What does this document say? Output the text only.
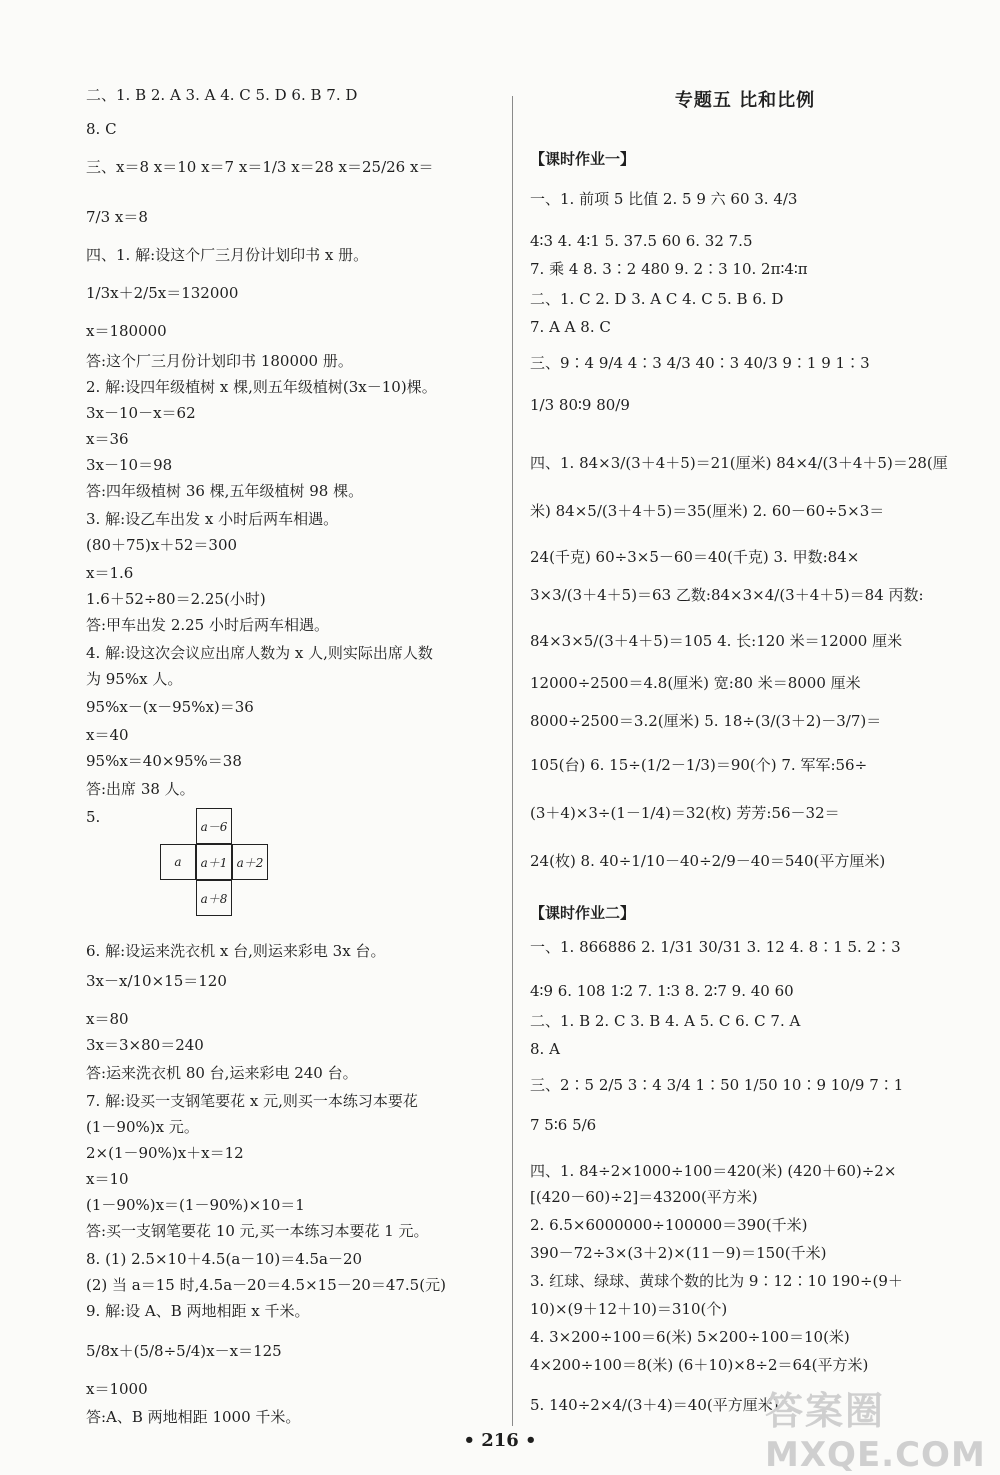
二、1. B 2. A 3. A 4. C 5. D 6. B 7. D
8. C
三、x＝8 x＝10 x＝7 x＝1/3 x＝28 x＝25/26 x＝
7/3 x＝8
四、1. 解:设这个厂三月份计划印书 x 册。
1/3x＋2/5x＝132000
x＝180000
答:这个厂三月份计划印书 180000 册。
2. 解:设四年级植树 x 棵,则五年级植树(3x－10)棵。
3x－10－x＝62
x＝36
3x－10＝98
答:四年级植树 36 棵,五年级植树 98 棵。
3. 解:设乙车出发 x 小时后两车相遇。
(80＋75)x＋52＝300
x＝1.6
1.6＋52÷80＝2.25(小时)
答:甲车出发 2.25 小时后两车相遇。
4. 解:设这次会议应出席人数为 x 人,则实际出席人数
为 95%x 人。
95%x－(x－95%x)＝36
x＝40
95%x＝40×95%＝38
答:出席 38 人。
5.
6. 解:设运来洗衣机 x 台,则运来彩电 3x 台。
3x－x/10×15＝120
x＝80
3x＝3×80＝240
答:运来洗衣机 80 台,运来彩电 240 台。
7. 解:设买一支钢笔要花 x 元,则买一本练习本要花
(1－90%)x 元。
2×(1－90%)x＋x＝12
x＝10
(1－90%)x＝(1－90%)×10＝1
答:买一支钢笔要花 10 元,买一本练习本要花 1 元。
8. (1) 2.5×10＋4.5(a－10)＝4.5a－20
(2) 当 a＝15 时,4.5a－20＝4.5×15－20＝47.5(元)
9. 解:设 A、B 两地相距 x 千米。
5/8x＋(5/8÷5/4)x－x＝125
x＝1000
答:A、B 两地相距 1000 千米。
a－6
a	a＋1 a＋2
a＋8
专题五 比和比例
【课时作业一】
一、1. 前项 5 比值 2. 5 9 六 60 3. 4/3
4∶3 4. 4∶1 5. 37.5 60 6. 32 7.5
7. 乘 4 8. 3∶2 480 9. 2∶3 10. 2π∶4∶π
二、1. C 2. D 3. A C 4. C 5. B 6. D
7. A A 8. C
三、9∶4 9/4 4∶3 4/3 40∶3 40/3 9∶1 9 1∶3
1/3 80∶9 80/9
四、1. 84×3/(3＋4＋5)＝21(厘米) 84×4/(3＋4＋5)＝28(厘
米) 84×5/(3＋4＋5)＝35(厘米) 2. 60－60÷5×3＝
24(千克) 60÷3×5－60＝40(千克) 3. 甲数:84×
3×3/(3＋4＋5)＝63 乙数:84×3×4/(3＋4＋5)＝84 丙数:
84×3×5/(3＋4＋5)＝105 4. 长:120 米＝12000 厘米
12000÷2500＝4.8(厘米) 宽:80 米＝8000 厘米
8000÷2500＝3.2(厘米) 5. 18÷(3/(3＋2)－3/7)＝
105(台) 6. 15÷(1/2－1/3)＝90(个) 7. 军军:56÷
(3＋4)×3÷(1－1/4)＝32(枚) 芳芳:56－32＝
24(枚) 8. 40÷1/10－40÷2/9－40＝540(平方厘米)
【课时作业二】
一、1. 866886 2. 1/31 30/31 3. 12 4. 8∶1 5. 2∶3
4∶9 6. 108 1∶2 7. 1∶3 8. 2∶7 9. 40 60
二、1. B 2. C 3. B 4. A 5. C 6. C 7. A
8. A
三、2∶5 2/5 3∶4 3/4 1∶50 1/50 10∶9 10/9 7∶1
7 5∶6 5/6
四、1. 84÷2×1000÷100＝420(米) (420＋60)÷2×
[(420－60)÷2]＝43200(平方米)
2. 6.5×6000000÷100000＝390(千米)
390－72÷3×(3＋2)×(11－9)＝150(千米)
3. 红球、绿球、黄球个数的比为 9∶12∶10 190÷(9＋
10)×(9＋12＋10)＝310(个)
4. 3×200÷100＝6(米) 5×200÷100＝10(米)
4×200÷100＝8(米) (6＋10)×8÷2＝64(平方米)
5. 140÷2×4/(3＋4)＝40(平方厘米)
• 216 •
答案圈
MXQE.COM
